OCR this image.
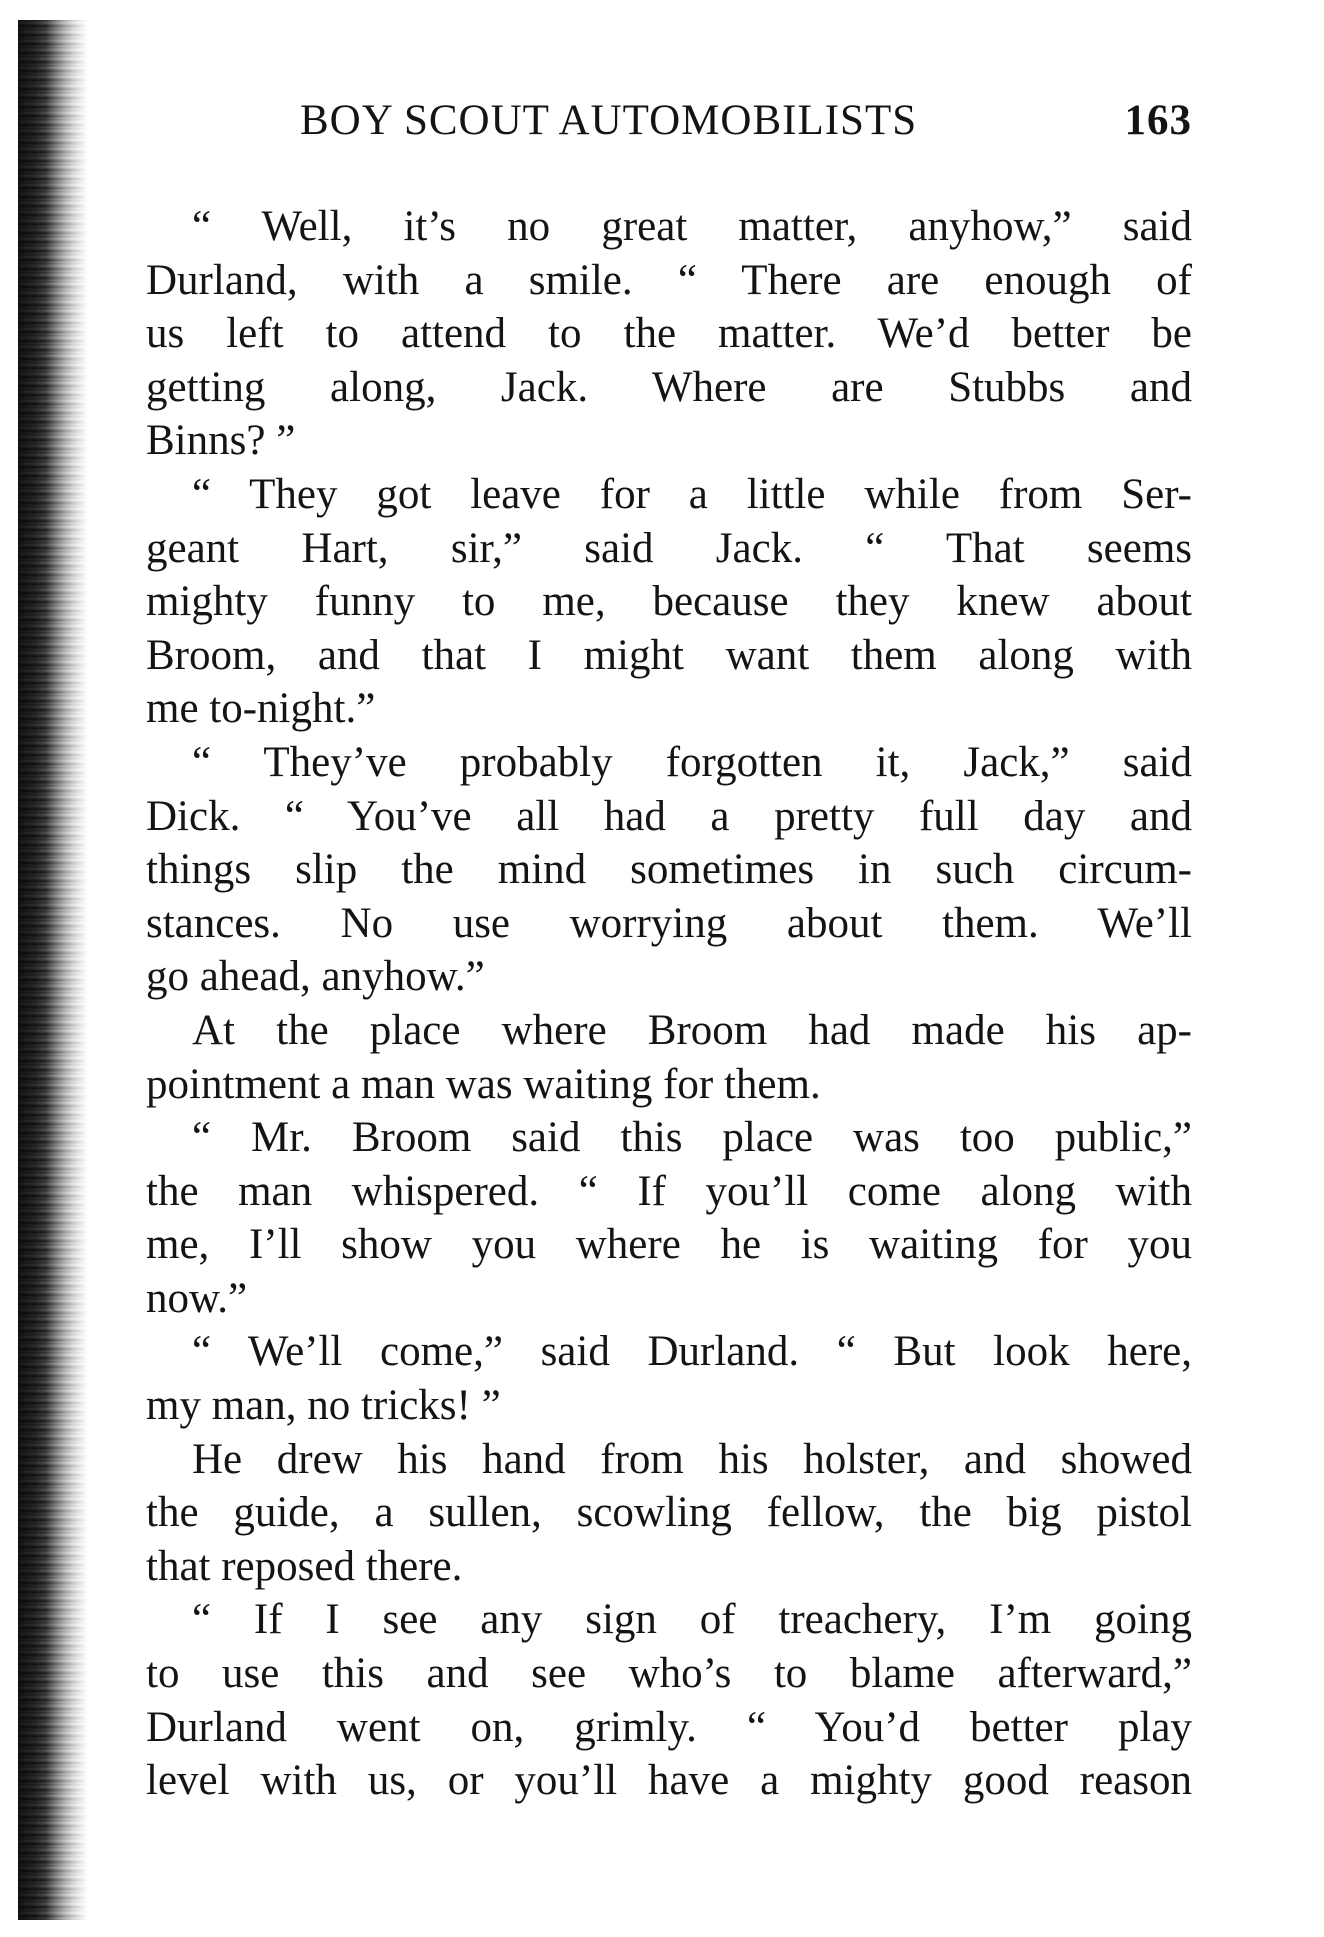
BOY SCOUT AUTOMOBILISTS	163
“ Well, it’s no great matter, anyhow,” said
Durland, with a smile. “ There are enough of
us left to attend to the matter. We’d better be
getting along, Jack. Where are Stubbs and
Binns? ”
“ They got leave for a little while from Ser-
geant Hart, sir,” said Jack. “ That seems
mighty funny to me, because they knew about
Broom, and that I might want them along with
me to-night.”
“ They’ve probably forgotten it, Jack,” said
Dick. “ You’ve all had a pretty full day and
things slip the mind sometimes in such circum-
stances. No use worrying about them. We’ll
go ahead, anyhow.”
At the place where Broom had made his ap-
pointment a man was waiting for them.
“ Mr. Broom said this place was too public,”
the man whispered. “ If you’ll come along with
me, I’ll show you where he is waiting for you
now.”
“ We’ll come,” said Durland. “ But look here,
my man, no tricks! ”
He drew his hand from his holster, and showed
the guide, a sullen, scowling fellow, the big pistol
that reposed there.
“ If I see any sign of treachery, I’m going
to use this and see who’s to blame afterward,”
Durland went on, grimly. “ You’d better play
level with us, or you’ll have a mighty good reason
